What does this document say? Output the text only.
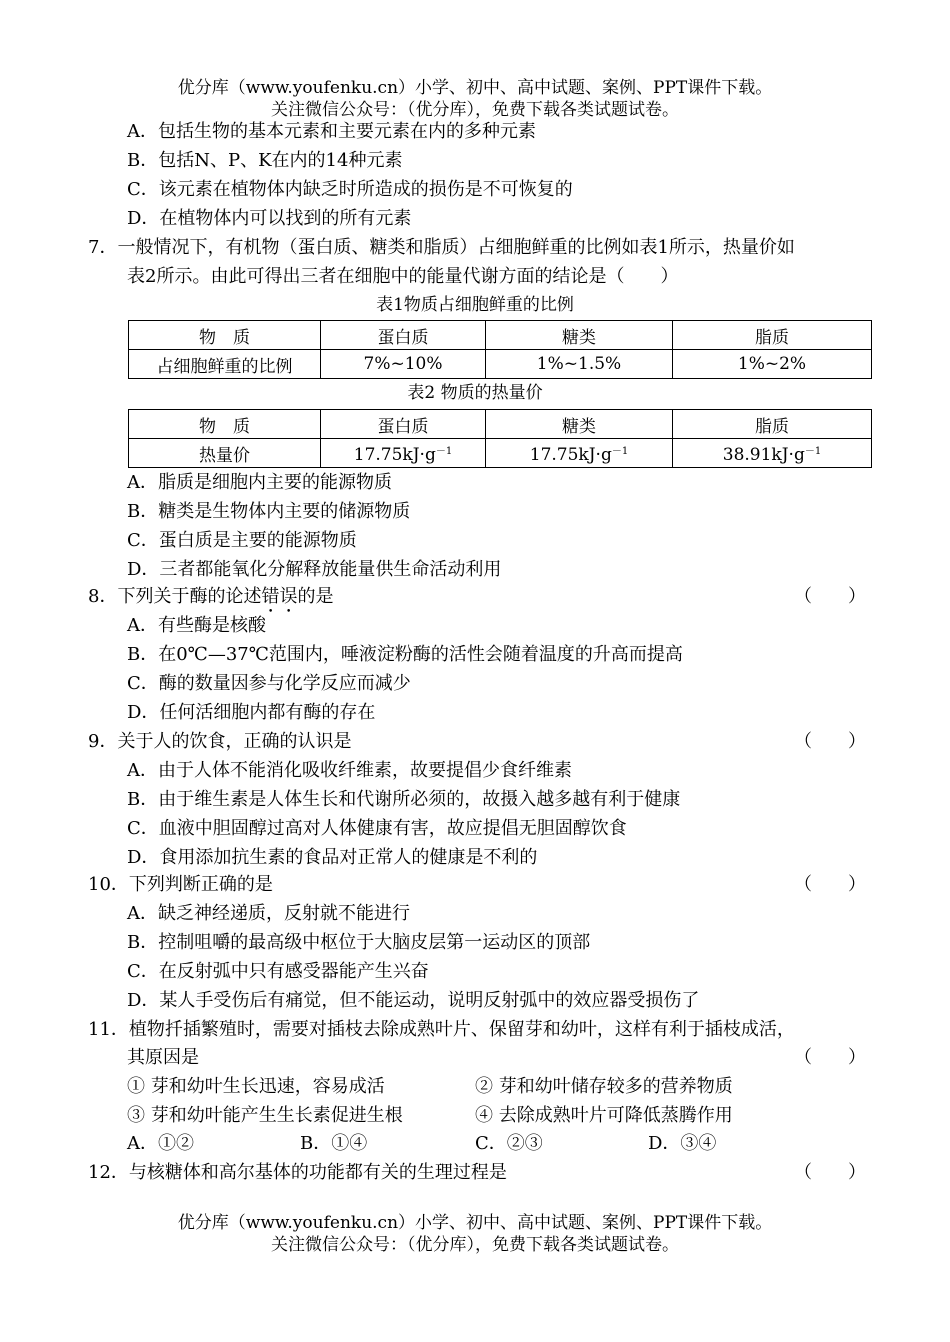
优分库（www.youfenku.cn）小学、初中、高中试题、案例、PPT课件下载。
关注微信公众号：（优分库），免费下载各类试题试卷。
A．包括生物的基本元素和主要元素在内的多种元素
B．包括N、P、K在内的14种元素
C．该元素在植物体内缺乏时所造成的损伤是不可恢复的
D．在植物体内可以找到的所有元素
7．一般情况下，有机物（蛋白质、糖类和脂质）占细胞鲜重的比例如表1所示，热量价如
表2所示。由此可得出三者在细胞中的能量代谢方面的结论是（　　）
表1物质占细胞鲜重的比例
物　质	蛋白质	糖类	脂质
占细胞鲜重的比例	7%~10%	1%~1.5%	1%~2%
表2 物质的热量价
物　质	蛋白质	糖类	脂质
热量价	$17.75kJ\cdot g^{-1}$	$17.75kJ\cdot g^{-1}$	$38.91kJ\cdot g^{-1}$
A．脂质是细胞内主要的能源物质
B．糖类是生物体内主要的储源物质
C．蛋白质是主要的能源物质
D．三者都能氧化分解释放能量供生命活动利用
8．下列关于酶的论述错误的是	（　　）
A．有些酶是核酸
B．在0℃—37℃范围内，唾液淀粉酶的活性会随着温度的升高而提高
C．酶的数量因参与化学反应而减少
D．任何活细胞内都有酶的存在
9．关于人的饮食，正确的认识是	（　　）
A．由于人体不能消化吸收纤维素，故要提倡少食纤维素
B．由于维生素是人体生长和代谢所必须的，故摄入越多越有利于健康
C．血液中胆固醇过高对人体健康有害，故应提倡无胆固醇饮食
D．食用添加抗生素的食品对正常人的健康是不利的
10．下列判断正确的是	（　　）
A．缺乏神经递质，反射就不能进行
B．控制咀嚼的最高级中枢位于大脑皮层第一运动区的顶部
C．在反射弧中只有感受器能产生兴奋
D．某人手受伤后有痛觉，但不能运动，说明反射弧中的效应器受损伤了
11．植物扦插繁殖时，需要对插枝去除成熟叶片、保留芽和幼叶，这样有利于插枝成活，
其原因是	（　　）
① 芽和幼叶生长迅速，容易成活	② 芽和幼叶储存较多的营养物质
③ 芽和幼叶能产生生长素促进生根	④ 去除成熟叶片可降低蒸腾作用
A．①②	B．①④	C．②③	D．③④
12．与核糖体和高尔基体的功能都有关的生理过程是	（　　）
优分库（www.youfenku.cn）小学、初中、高中试题、案例、PPT课件下载。
关注微信公众号：（优分库），免费下载各类试题试卷。
